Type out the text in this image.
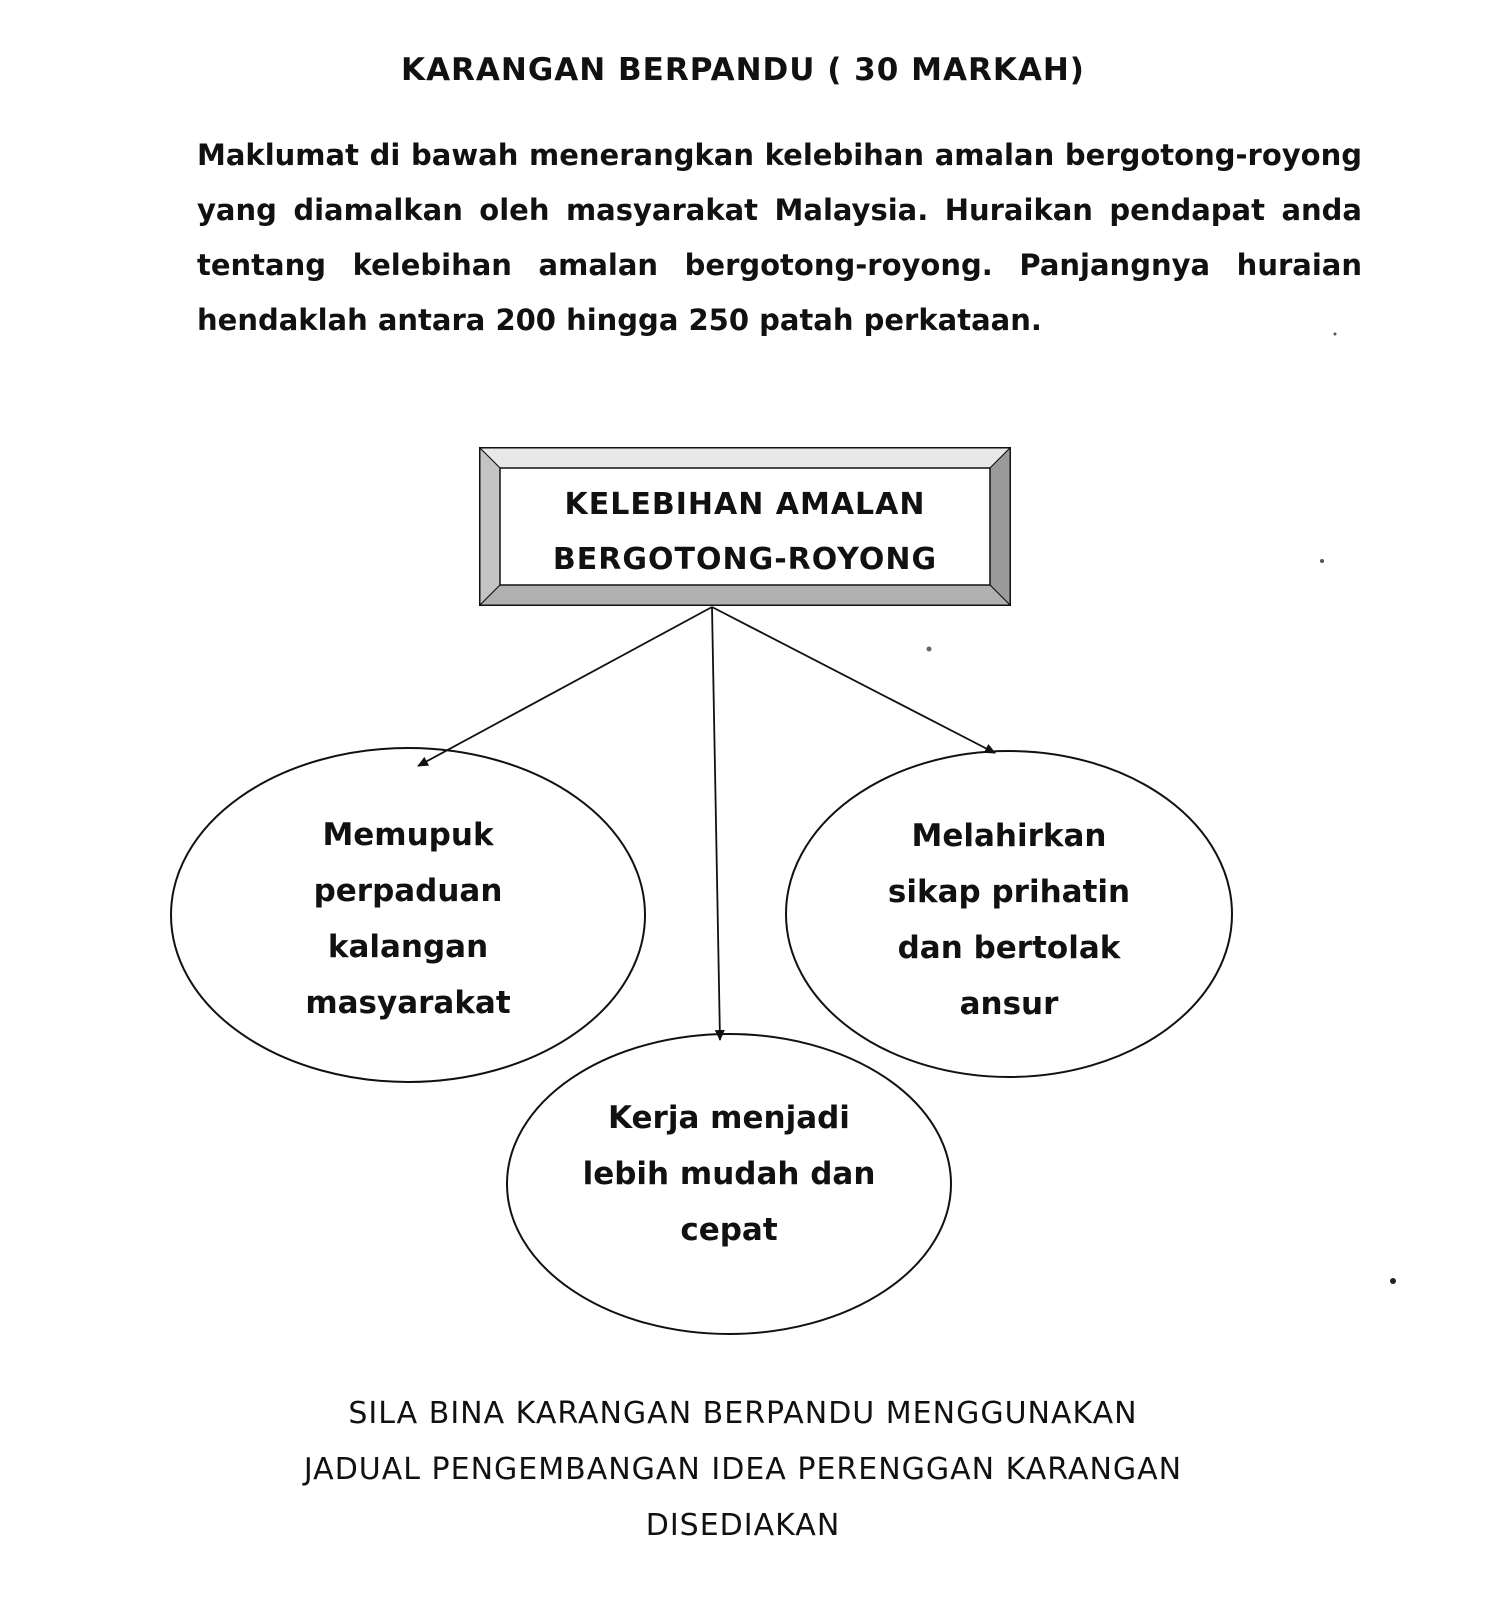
KARANGAN BERPANDU ( 30 MARKAH)

Maklumat di bawah menerangkan kelebihan amalan bergotong-royong yang diamalkan oleh masyarakat Malaysia. Huraikan pendapat anda tentang kelebihan amalan bergotong-royong. Panjangnya huraian hendaklah antara 200 hingga 250 patah perkataan.

KELEBIHAN AMALAN
BERGOTONG-ROYONG
Memupuk
perpaduan
kalangan
masyarakat
Melahirkan
sikap prihatin
dan bertolak
ansur
Kerja menjadi
lebih mudah dan
cepat
SILA BINA KARANGAN BERPANDU MENGGUNAKAN
JADUAL PENGEMBANGAN IDEA PERENGGAN KARANGAN
DISEDIAKAN
